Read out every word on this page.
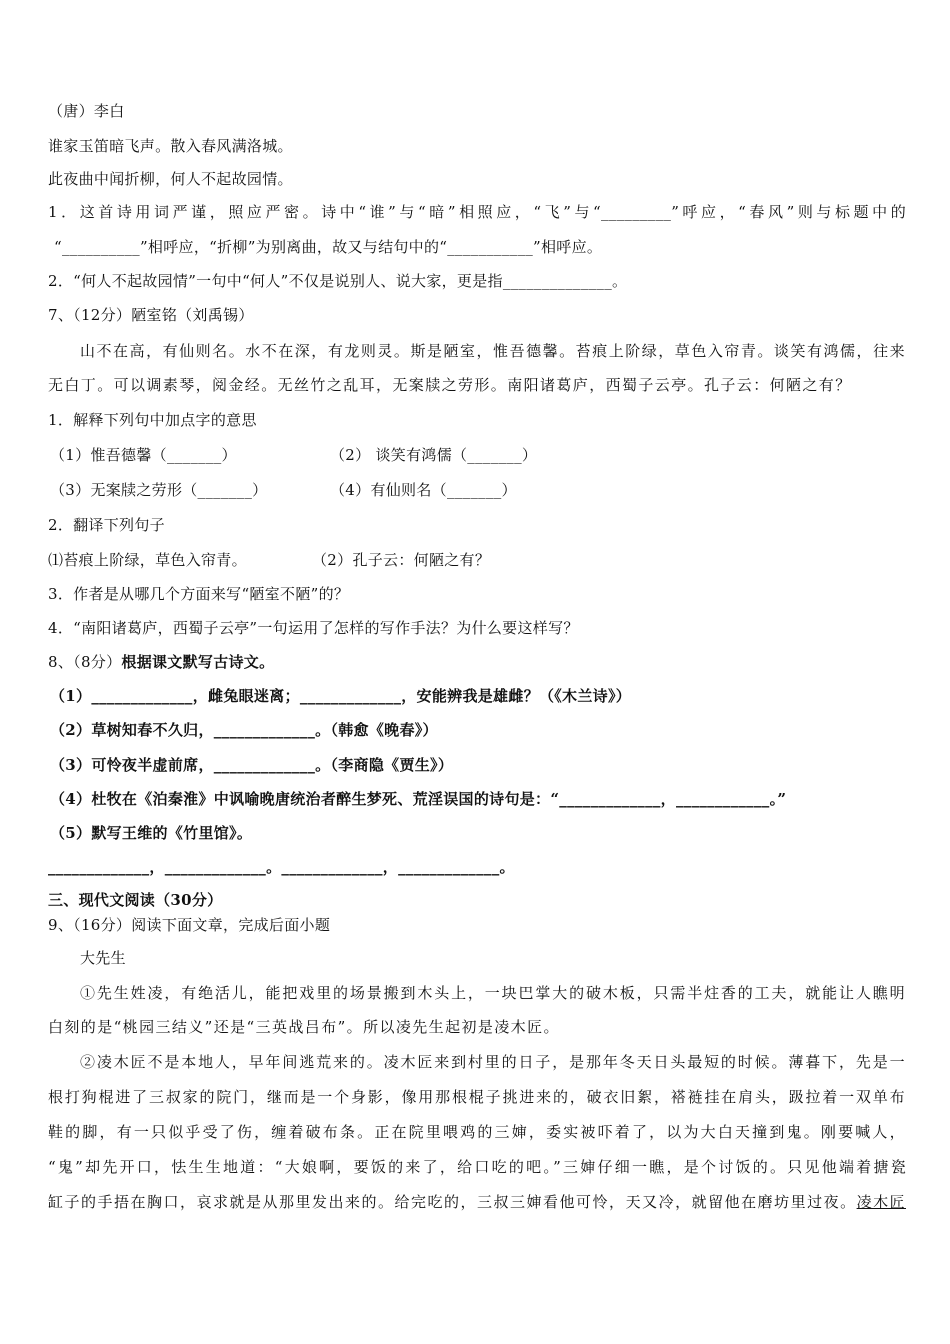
（唐）李白
谁家玉笛暗飞声。散入春风满洛城。
此夜曲中闻折柳，何人不起故园情。
1．这首诗用词严谨，照应严密。诗中“谁”与“暗”相照应，“飞”与“_________”呼应，“春风”则与标题中的
“__________”相呼应，“折柳”为别离曲，故又与结句中的“___________”相呼应。
2．“何人不起故园情”一句中“何人”不仅是说别人、说大家，更是指______________。
7、（12分）陋室铭（刘禹锡）
山不在高，有仙则名。水不在深，有龙则灵。斯是陋室，惟吾德馨。苔痕上阶绿，草色入帘青。谈笑有鸿儒，往来
无白丁。可以调素琴，阅金经。无丝竹之乱耳，无案牍之劳形。南阳诸葛庐，西蜀子云亭。孔子云：何陋之有？
1．解释下列句中加点字的意思
（1）惟吾德馨（_______）	（2） 谈笑有鸿儒（_______）
（3）无案牍之劳形（_______）	（4）有仙则名（_______）
2．翻译下列句子
⑴苔痕上阶绿，草色入帘青。	（2）孔子云：何陋之有？
3．作者是从哪几个方面来写“陋室不陋”的？
4．“南阳诸葛庐，西蜀子云亭”一句运用了怎样的写作手法？为什么要这样写？
8、（8分）根据课文默写古诗文。
（1）_____________，雌兔眼迷离；_____________，安能辨我是雄雌？（《木兰诗》）
（2）草树知春不久归，_____________。（韩愈《晚春》）
（3）可怜夜半虚前席，_____________。（李商隐《贾生》）
（4）杜牧在《泊秦淮》中讽喻晚唐统治者醉生梦死、荒淫误国的诗句是：“_____________，____________。”
（5）默写王维的《竹里馆》。
_____________，_____________。_____________，_____________。
三、现代文阅读（30分）
9、（16分）阅读下面文章，完成后面小题
大先生
①先生姓凌，有绝活儿，能把戏里的场景搬到木头上，一块巴掌大的破木板，只需半炷香的工夫，就能让人瞧明
白刻的是“桃园三结义”还是“三英战吕布”。所以凌先生起初是凌木匠。
②凌木匠不是本地人，早年间逃荒来的。凌木匠来到村里的日子，是那年冬天日头最短的时候。薄暮下，先是一
根打狗棍进了三叔家的院门，继而是一个身影，像用那根棍子挑进来的，破衣旧絮，褡裢挂在肩头，趿拉着一双单布
鞋的脚，有一只似乎受了伤，缠着破布条。正在院里喂鸡的三婶，委实被吓着了，以为大白天撞到鬼。刚要喊人，
“鬼”却先开口，怯生生地道：“大娘啊，要饭的来了，给口吃的吧。”三婶仔细一瞧，是个讨饭的。只见他端着搪瓷
缸子的手捂在胸口，哀求就是从那里发出来的。给完吃的，三叔三婶看他可怜，天又冷，就留他在磨坊里过夜。凌木匠
